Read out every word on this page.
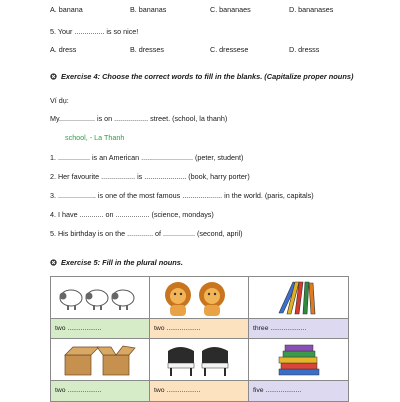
A. banana	B. bananas	C. bananaes	D. bananases
5. Your ............... is so nice!
A. dress	B. dresses	C. dressese	D. dresss
Exercise 4: Choose the correct words to fill in the blanks. (Capitalize proper nouns)
Ví dụ:
My.................. is on ................. street. (school, la thanh)
school, - La Thanh
1. ................ is an American .......................... (peter, student)
2. Her favourite ................. is ..................... (book, harry porter)
3. ................... is one of the most famous .................... in the world. (paris, capitals)
4. I have ............ on ................. (science, mondays)
5. His birthday is on the ............. of ................ (second, april)
Exercise 5: Fill in the plural nouns.
two ..................	two ..................	three ...................
two ..................	two ..................	five ...................
